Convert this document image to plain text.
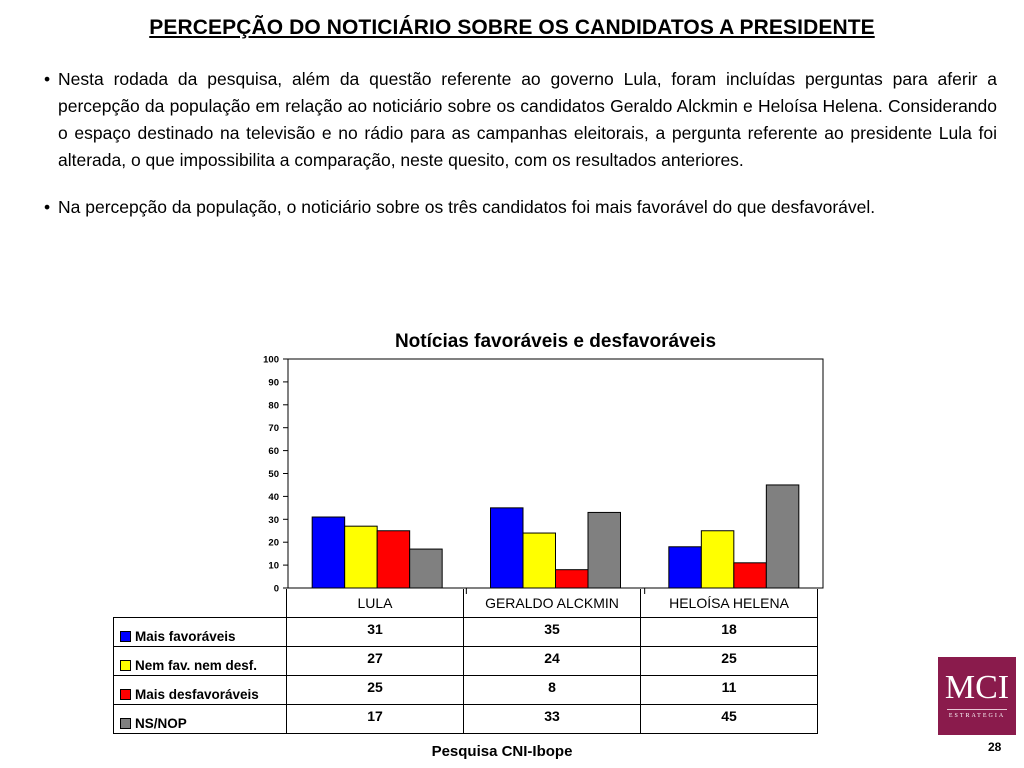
PERCEPÇÃO DO NOTICIÁRIO SOBRE OS CANDIDATOS A PRESIDENTE
• Nesta rodada da pesquisa, além da questão referente ao governo Lula, foram incluídas perguntas para aferir a percepção da população em relação ao noticiário sobre os candidatos Geraldo Alckmin e Heloísa Helena. Considerando o espaço destinado na televisão e no rádio para as campanhas eleitorais, a pergunta referente ao presidente Lula foi alterada, o que impossibilita a comparação, neste quesito, com os resultados anteriores.
• Na percepção da população, o noticiário sobre os três candidatos foi mais favorável do que desfavorável.
Notícias favoráveis e desfavoráveis
0
10
20
30
40
50
60
70
80
90
100
	LULA	GERALDO ALCKMIN	HELOÍSA HELENA
Mais favoráveis	31	35	18
Nem fav. nem desf.	27	24	25
Mais desfavoráveis	25	8	11
NS/NOP	17	33	45
Pesquisa CNI-Ibope	28
MCI
ESTRATEGIA
